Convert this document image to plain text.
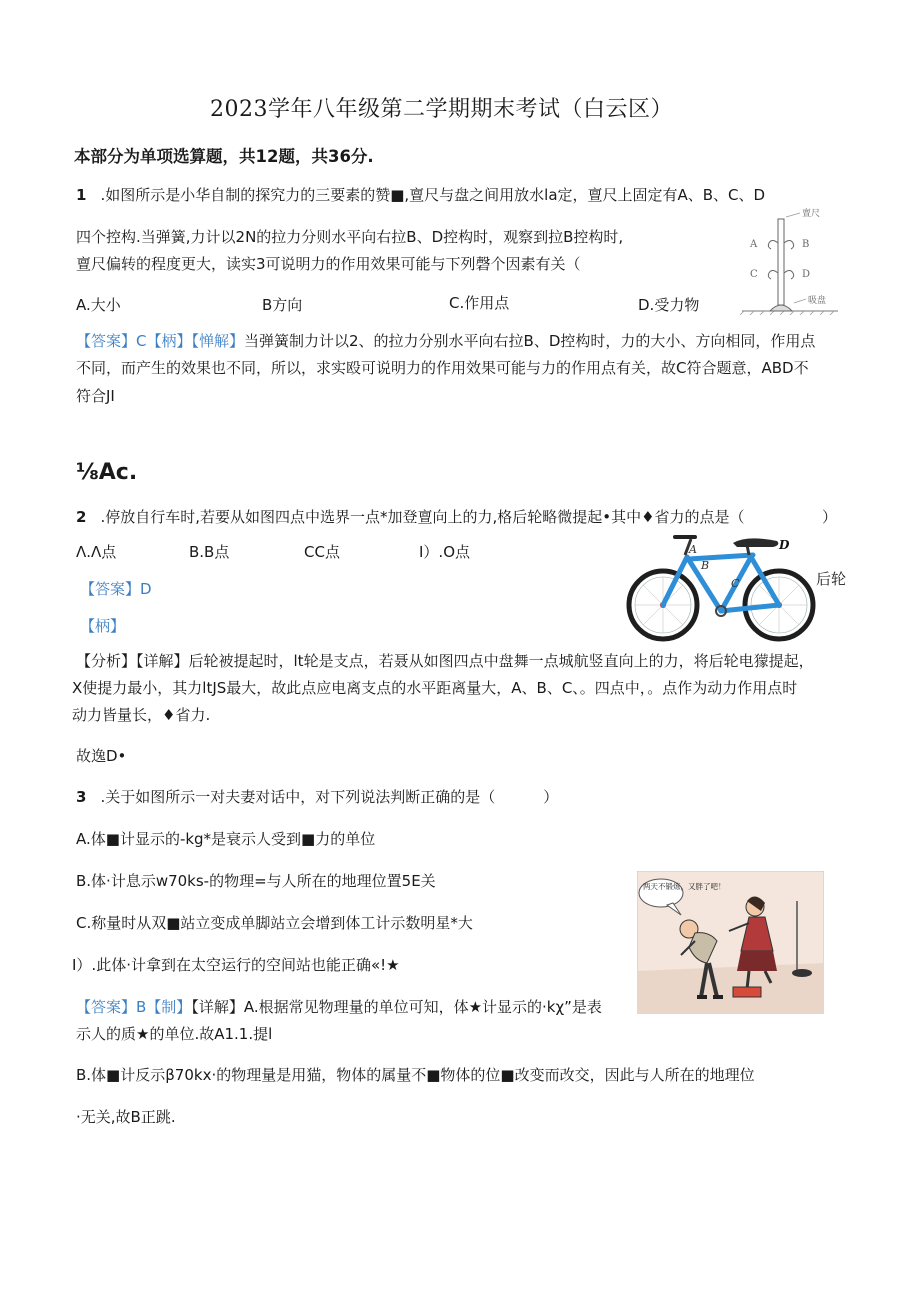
2023学年八年级第二学期期末考试（白云区）
本部分为单项选算题，共12题，共36分.
1 .如图所示是小华自制的探究力的三要素的赞■,亶尺与盘之间用放水la定，亶尺上固定有A、B、C、D
四个控构.当弹簧,力计以2N的拉力分则水平向右拉B、D控构时，观察到拉B控构时,
亶尺偏转的程度更大，读实3可说明力的作用效果可能与下列磬个因素有关（
A.大小	B方向	C.作用点	D.受力物
亶尺
吸盘
A	B
C	D
【答案】C【柄】【惮解】当弹簧制力计以2、的拉力分别水平向右拉B、D控构时，力的大小、方向相同，作用点
不同，而产生的效果也不同，所以，求实殴可说明力的作用效果可能与力的作用点有关，故C符合题意，ABD不
符合JI
⅛Ac.
2 .停放自行车时,若要从如图四点中选界一点*加登亶向上的力,格后轮略微提起•其中♦省力的点是（	）
Λ.Λ点	B.B点	CC点	I）.O点	A
B
C
D
后轮
【答案】D
【柄】
【分析】【详解】后轮被提起时，lt轮是支点，若聂从如图四点中盘舞一点城航竖直向上的力，将后轮电獴提起，
X使提力最小，其力ltJS最大，故此点应电离支点的水平距离量大，A、B、C、。四点中，。点作为动力作用点时
动力皆量长，♦省力.
故逸D•
3 .关于如图所示一对夫妻对话中，对下列说法判断正确的是（	）
A.体■计显示的-kg*是衰示人受到■力的单位
B.体·计息示w70ks-的物理=与人所在的地理位置5E关
C.称量时从双■站立变成单脚站立会增到体工计示数明星*大
I）.此体·计拿到在太空运行的空间站也能正确«!★
两天不锻炼，又胖了吧！
【答案】B【制】【详解】A.根据常见物理量的单位可知，体★计显示的·kχ”是表
示人的质★的单位.故A1.1.提l
B.体■计反示β70kx·的物理量是用猫，物体的属量不■物体的位■改变而改交，因此与人所在的地理位
·无关,故B正跳.
